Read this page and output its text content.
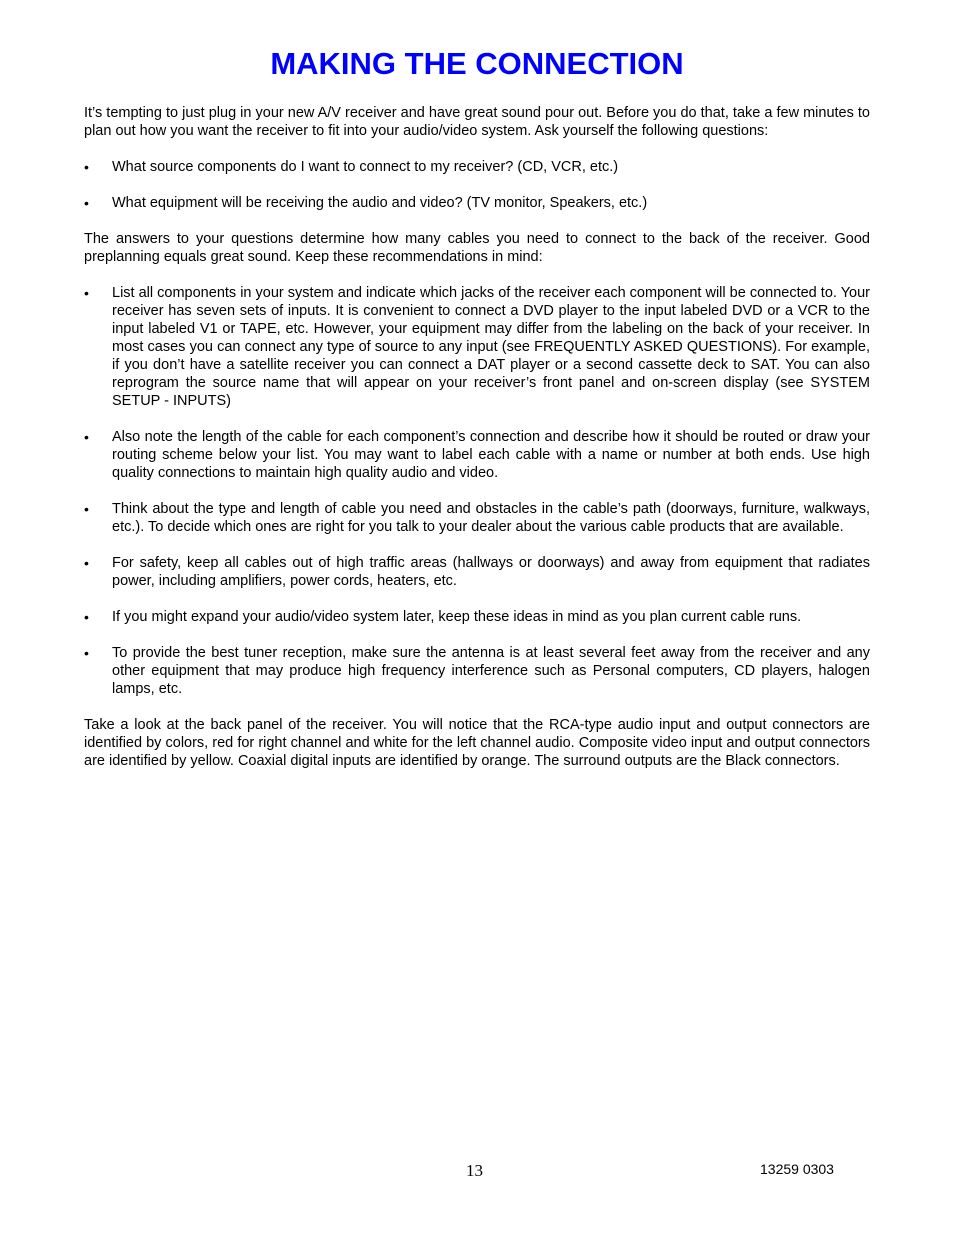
MAKING THE CONNECTION

It’s tempting to just plug in your new A/V receiver and have great sound pour out. Before you do that, take a few minutes to plan out how you want the receiver to fit into your audio/video system. Ask yourself the following questions:

•	What source components do I want to connect to my receiver? (CD, VCR, etc.)
•	What equipment will be receiving the audio and video? (TV monitor, Speakers, etc.)

The answers to your questions determine how many cables you need to connect to the back of the receiver. Good preplanning equals great sound. Keep these recommendations in mind:

•	List all components in your system and indicate which jacks of the receiver each component will be connected to. Your receiver has seven sets of inputs. It is convenient to connect a DVD player to the input labeled DVD or a VCR to the input labeled V1 or TAPE, etc. However, your equipment may differ from the labeling on the back of your receiver. In most cases you can connect any type of source to any input (see FREQUENTLY ASKED QUESTIONS). For example, if you don’t have a satellite receiver you can connect a DAT player or a second cassette deck to SAT. You can also reprogram the source name that will appear on your receiver’s front panel and on-screen display (see SYSTEM SETUP - INPUTS)
•	Also note the length of the cable for each component’s connection and describe how it should be routed or draw your routing scheme below your list. You may want to label each cable with a name or number at both ends. Use high quality connections to maintain high quality audio and video.
•	Think about the type and length of cable you need and obstacles in the cable’s path (doorways, furniture, walkways, etc.). To decide which ones are right for you talk to your dealer about the various cable products that are available.
•	For safety, keep all cables out of high traffic areas (hallways or doorways) and away from equipment that radiates power, including amplifiers, power cords, heaters, etc.
•	If you might expand your audio/video system later, keep these ideas in mind as you plan current cable runs.
•	To provide the best tuner reception, make sure the antenna is at least several feet away from the receiver and any other equipment that may produce high frequency interference such as Personal computers, CD players, halogen lamps, etc.

Take a look at the back panel of the receiver. You will notice that the RCA-type audio input and output connectors are identified by colors, red for right channel and white for the left channel audio. Composite video input and output connectors are identified by yellow. Coaxial digital inputs are identified by orange. The surround outputs are the Black connectors.

13	13259 0303
